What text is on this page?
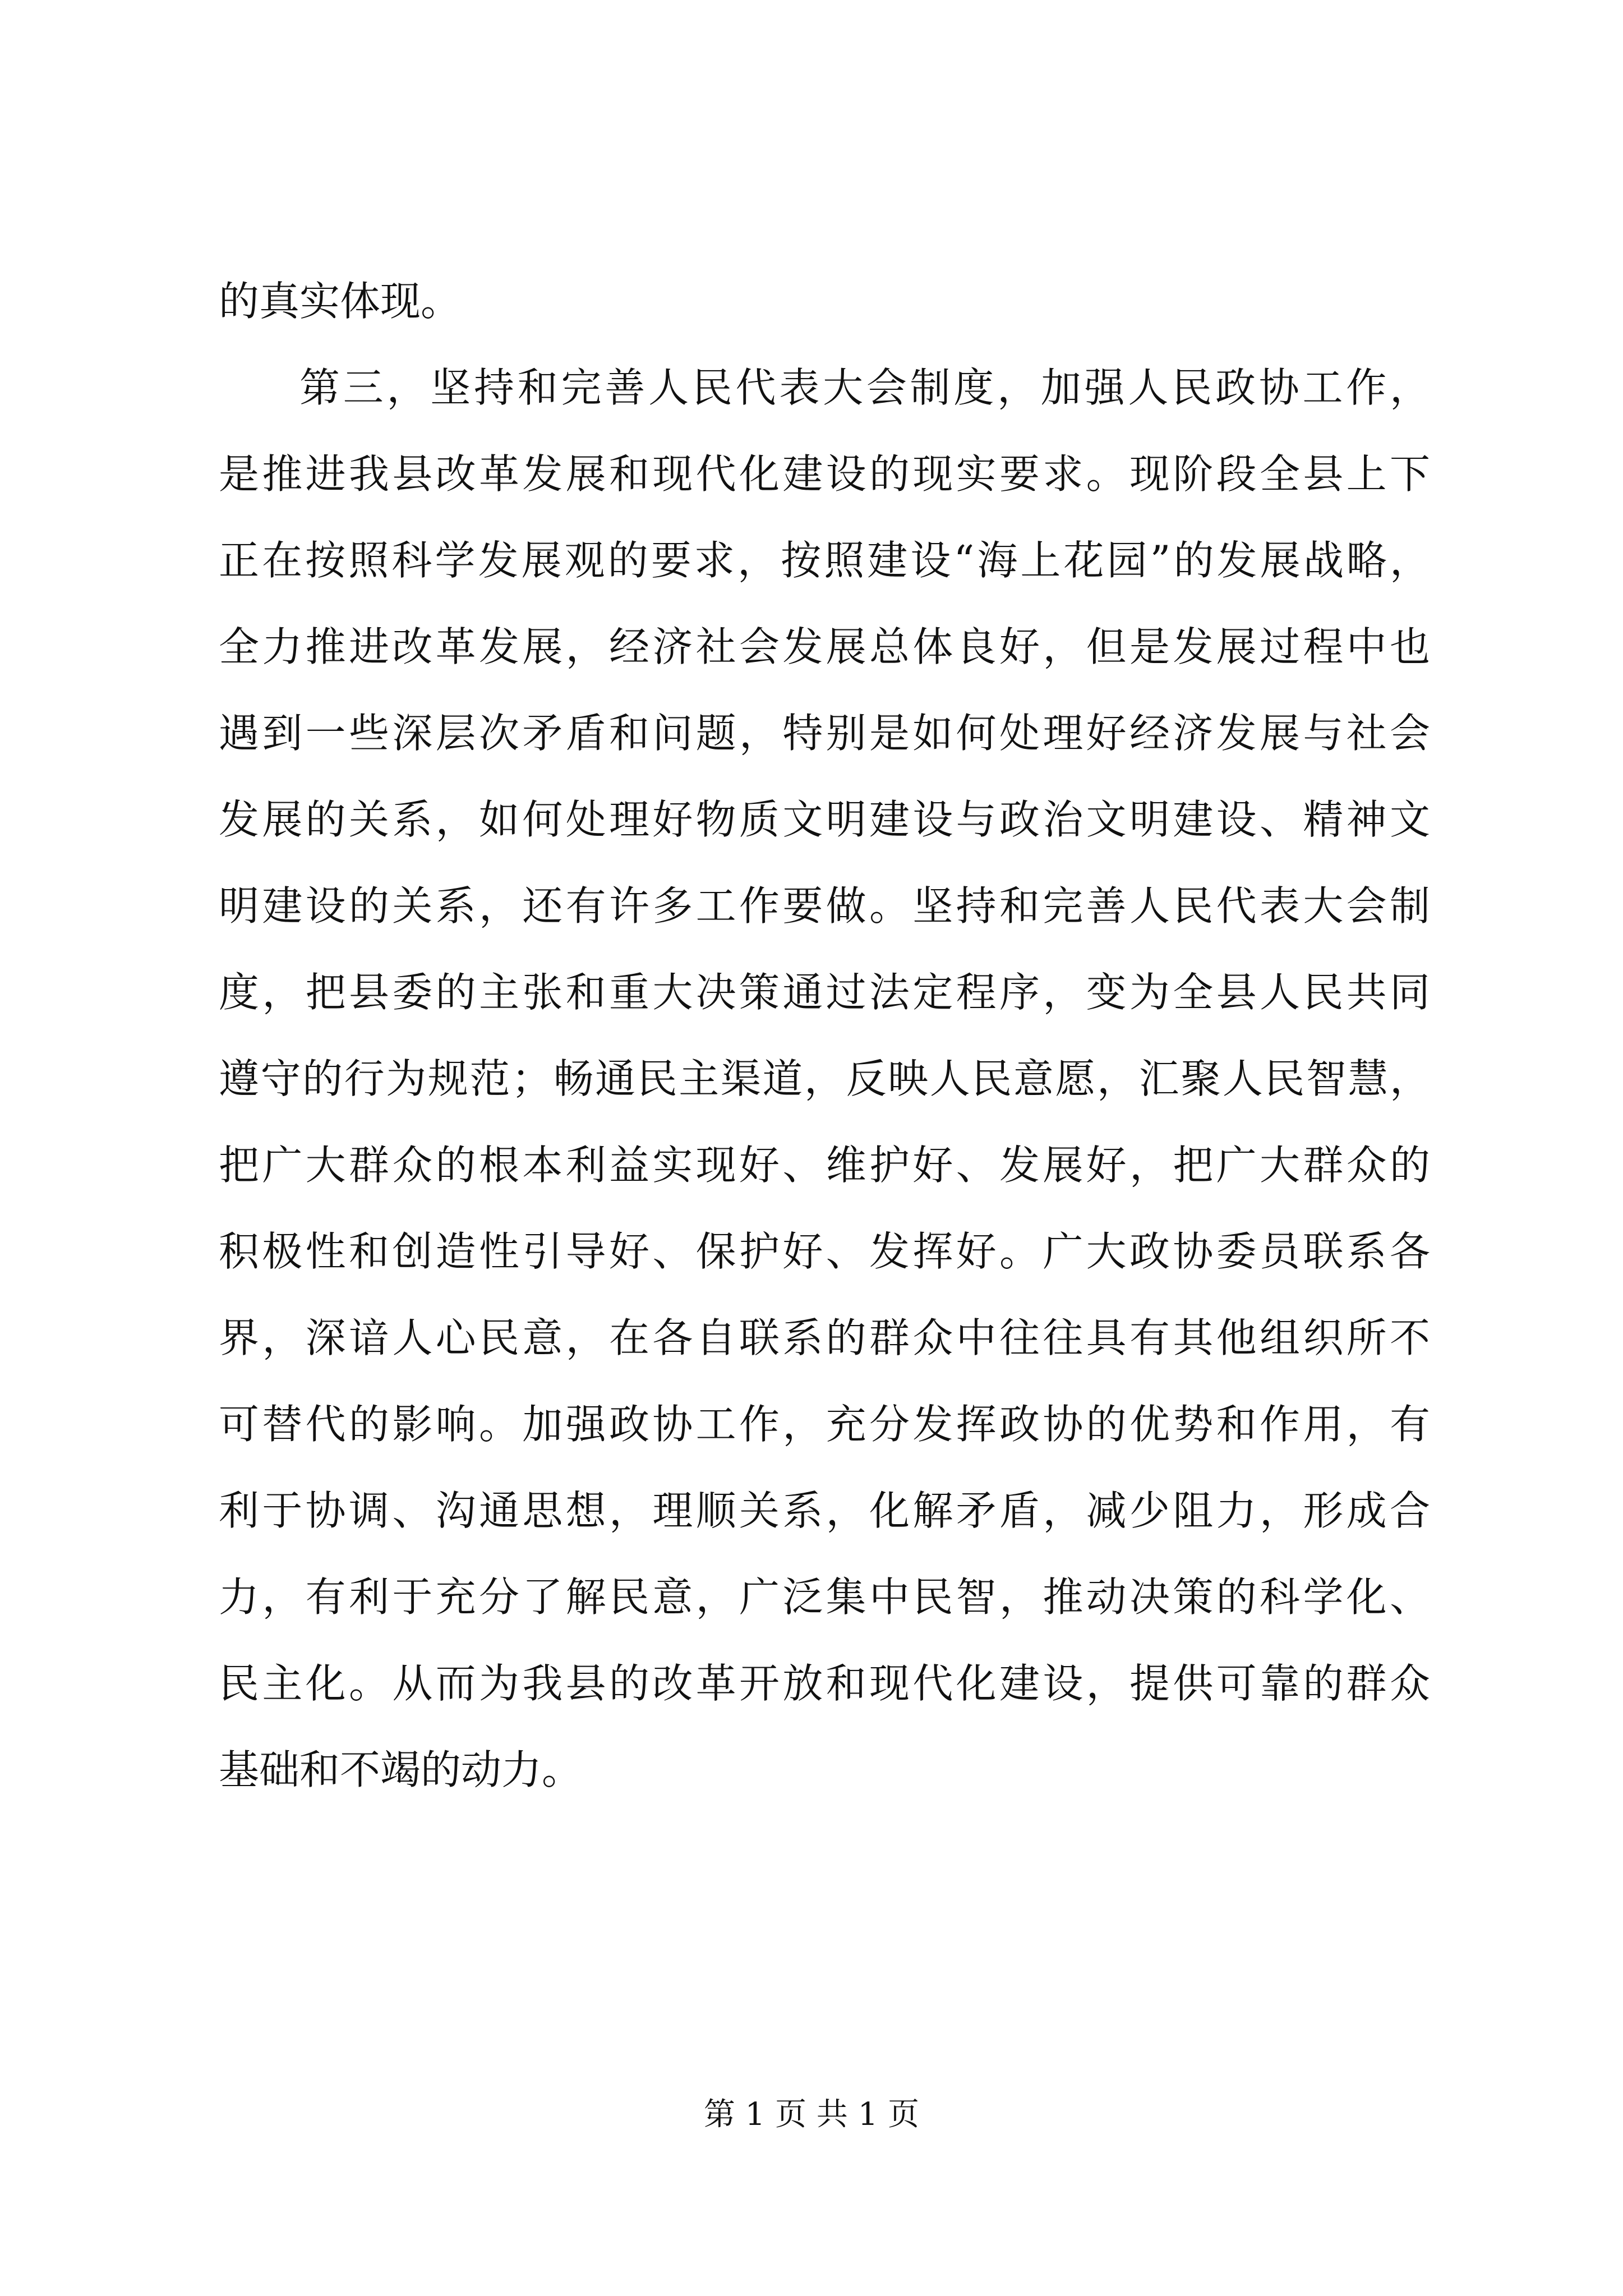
的真实体现。
第三，坚持和完善人民代表大会制度，加强人民政协工作，
是推进我县改革发展和现代化建设的现实要求。现阶段全县上下
正在按照科学发展观的要求，按照建设“海上花园”的发展战略，
全力推进改革发展，经济社会发展总体良好，但是发展过程中也
遇到一些深层次矛盾和问题，特别是如何处理好经济发展与社会
发展的关系，如何处理好物质文明建设与政治文明建设、精神文
明建设的关系，还有许多工作要做。坚持和完善人民代表大会制
度，把县委的主张和重大决策通过法定程序，变为全县人民共同
遵守的行为规范；畅通民主渠道，反映人民意愿，汇聚人民智慧，
把广大群众的根本利益实现好、维护好、发展好，把广大群众的
积极性和创造性引导好、保护好、发挥好。广大政协委员联系各
界，深谙人心民意，在各自联系的群众中往往具有其他组织所不
可替代的影响。加强政协工作，充分发挥政协的优势和作用，有
利于协调、沟通思想，理顺关系，化解矛盾，减少阻力，形成合
力，有利于充分了解民意，广泛集中民智，推动决策的科学化、
民主化。从而为我县的改革开放和现代化建设，提供可靠的群众
基础和不竭的动力。
第 1 页 共 1 页
